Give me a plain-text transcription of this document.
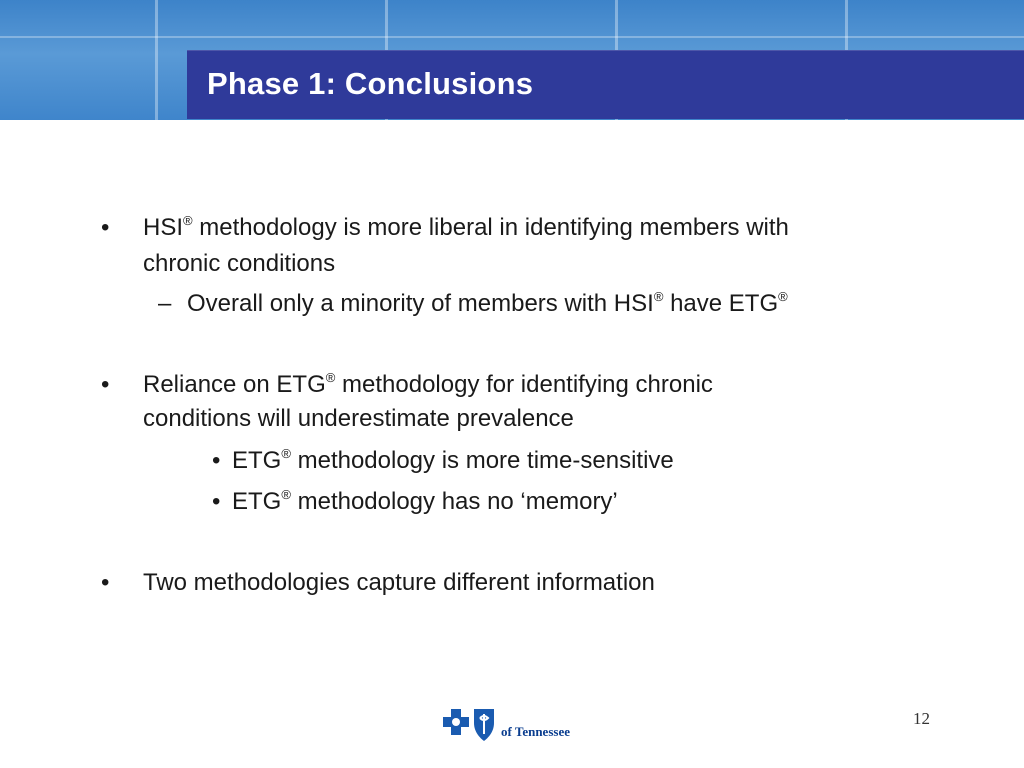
Phase 1: Conclusions
• HSI® methodology is more liberal in identifying members with
chronic conditions
– Overall only a minority of members with HSI® have ETG®
• Reliance on ETG® methodology for identifying chronic
conditions will underestimate prevalence
• ETG® methodology is more time-sensitive
• ETG® methodology has no ‘memory’
• Two methodologies capture different information
12
of Tennessee
